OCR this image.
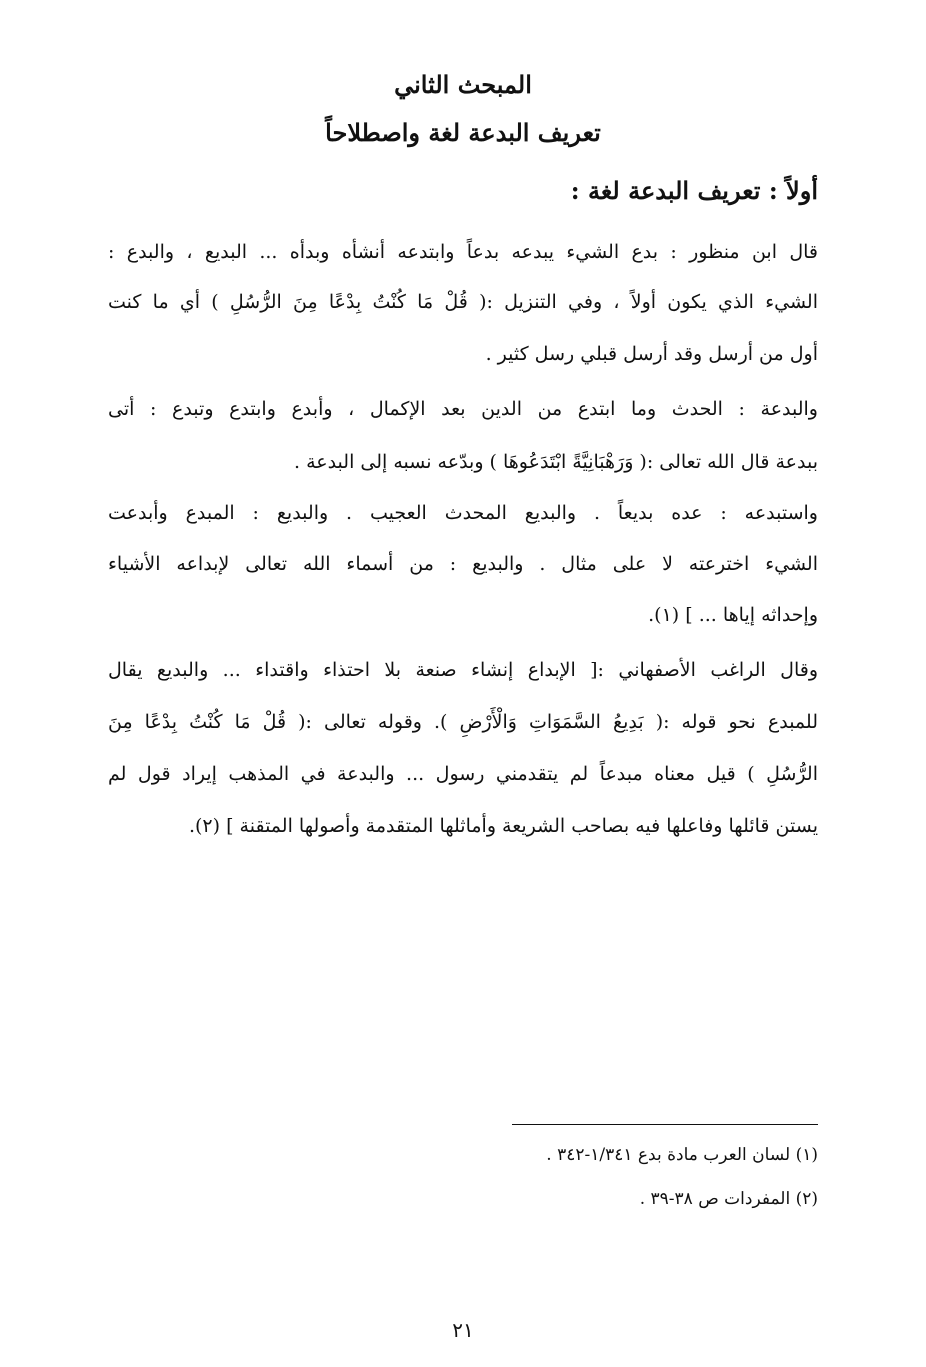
المبحث الثاني
تعريف البدعة لغة واصطلاحاً
أولاً : تعريف البدعة لغة :
قال ابن منظور : بدع الشيء يبدعه بدعاً وابتدعه أنشأه وبدأه ... البديع ، والبدع :
الشيء الذي يكون أولاً ، وفي التنزيل :( قُلْ مَا كُنْتُ بِدْعًا مِنَ الرُّسُلِ ) أي ما كنت
أول من أرسل وقد أرسل قبلي رسل كثير .
والبدعة : الحدث وما ابتدع من الدين بعد الإكمال ، وأبدع وابتدع وتبدع : أتى
ببدعة قال الله تعالى :( وَرَهْبَانِيَّةً ابْتَدَعُوهَا ) وبدّعه نسبه إلى البدعة .
واستبدعه : عده بديعاً . والبديع المحدث العجيب . والبديع : المبدع وأبدعت
الشيء اخترعته لا على مثال . والبديع : من أسماء الله تعالى لإبداعه الأشياء
وإحداثه إياها ... ] (١).
وقال الراغب الأصفهاني :[ الإبداع إنشاء صنعة بلا احتذاء واقتداء ... والبديع يقال
للمبدع نحو قوله :( بَدِيعُ السَّمَوَاتِ وَالْأَرْضِ ). وقوله تعالى :( قُلْ مَا كُنْتُ بِدْعًا مِنَ
الرُّسُلِ ) قيل معناه مبدعاً لم يتقدمني رسول ... والبدعة في المذهب إيراد قول لم
يستن قائلها وفاعلها فيه بصاحب الشريعة وأماثلها المتقدمة وأصولها المتقنة ] (٢).
(١) لسان العرب مادة بدع ١/٣٤١-٣٤٢ .
(٢) المفردات ص ٣٨-٣٩ .
٢١
